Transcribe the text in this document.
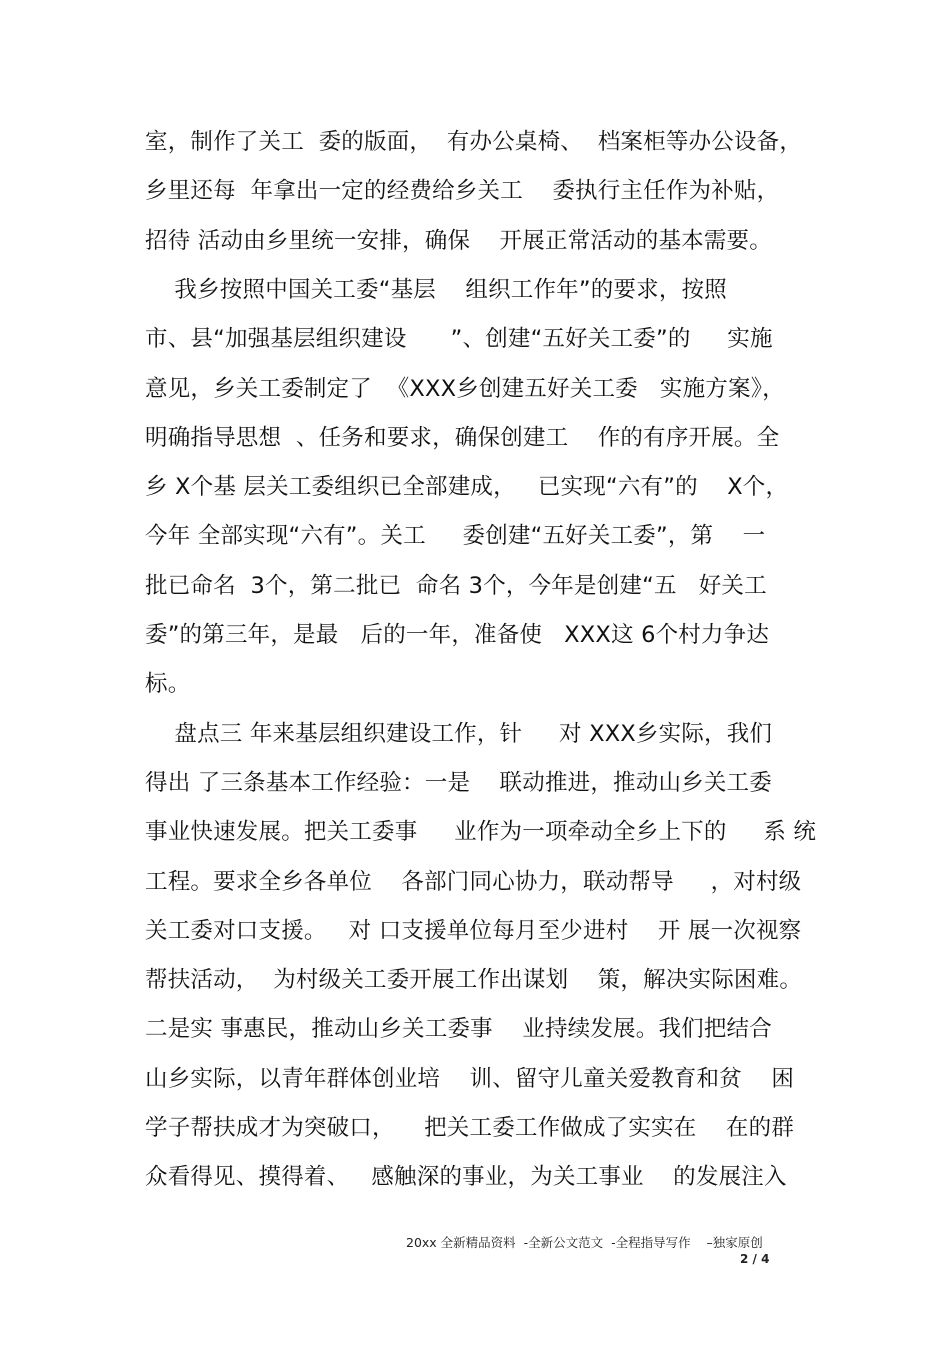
室，制作了关工  委的版面，  有办公桌椅、  档案柜等办公设备，
乡里还每  年拿出一定的经费给乡关工    委执行主任作为补贴，
招待 活动由乡里统一安排，确保    开展正常活动的基本需要。
我乡按照中国关工委“基层    组织工作年”的要求，按照
市、县“加强基层组织建设      ”、创建“五好关工委”的     实施
意见，乡关工委制定了  《XXX乡创建五好关工委   实施方案》，
明确指导思想  、任务和要求，确保创建工    作的有序开展。全
乡 X个基 层关工委组织已全部建成，   已实现“六有”的    X个，
今年 全部实现“六有”。关工     委创建“五好关工委”，第    一
批已命名  3个，第二批已  命名 3个，今年是创建“五   好关工
委”的第三年，是最   后的一年，准备使   XXX这 6个村力争达
标。
盘点三 年来基层组织建设工作，针     对 XXX乡实际，我们
得出 了三条基本工作经验：一是    联动推进，推动山乡关工委
事业快速发展。把关工委事     业作为一项牵动全乡上下的     系 统
工程。要求全乡各单位    各部门同心协力，联动帮导     ，对村级
关工委对口支援。   对 口支援单位每月至少进村    开 展一次视察
帮扶活动，  为村级关工委开展工作出谋划    策，解决实际困难。
二是实 事惠民，推动山乡关工委事    业持续发展。我们把结合
山乡实际，以青年群体创业培    训、留守儿童关爱教育和贫    困
学子帮扶成才为突破口，    把关工委工作做成了实实在    在的群
众看得见、摸得着、   感触深的事业，为关工事业    的发展注入
20xx 全新精品资料  -全新公文范文  -全程指导写作    –独家原创
2 / 4
